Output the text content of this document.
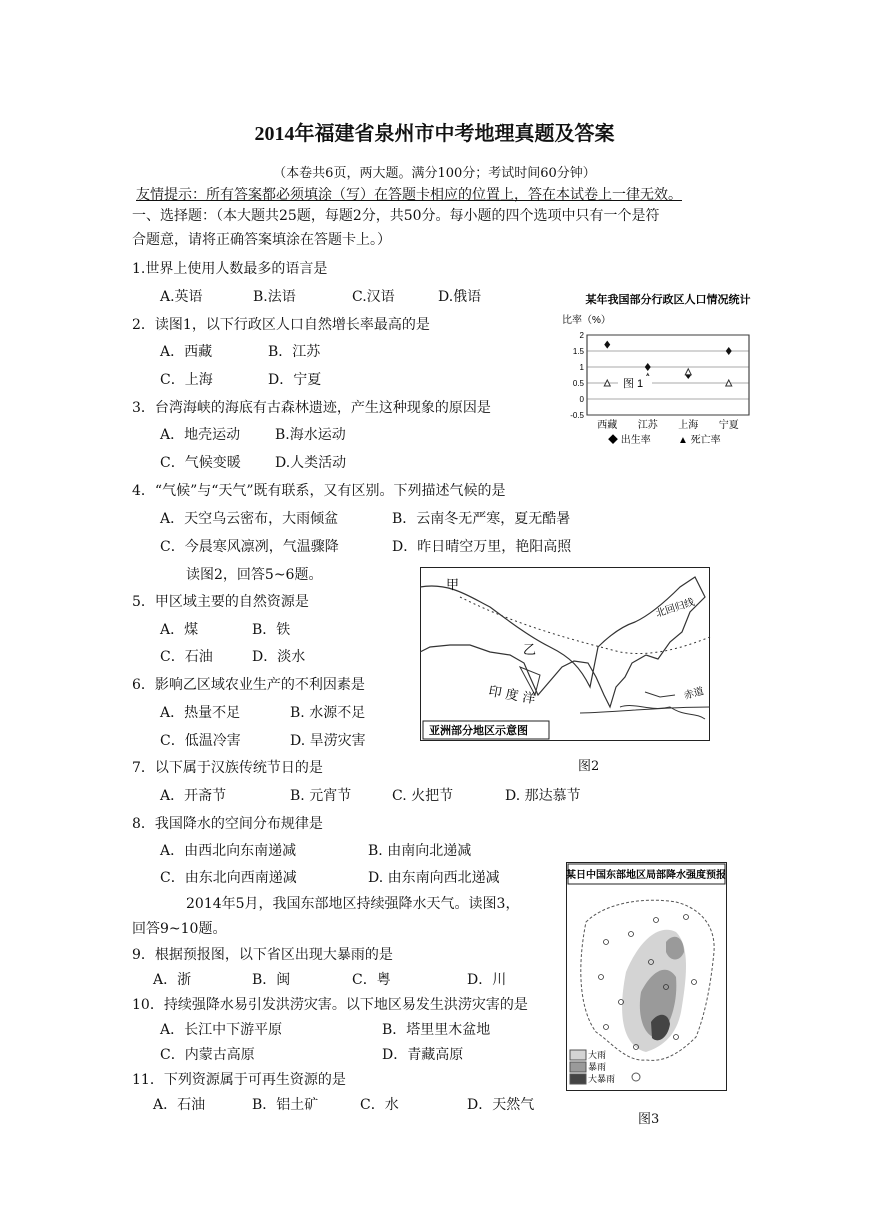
2014年福建省泉州市中考地理真题及答案
（本卷共6页，两大题。满分100分；考试时间60分钟）
友情提示：所有答案都必须填涂（写）在答题卡相应的位置上，答在本试卷上一律无效。
一、选择题：（本大题共25题，每题2分，共50分。每小题的四个选项中只有一个是符
合题意，请将正确答案填涂在答题卡上。）
1.世界上使用人数最多的语言是
A.英语	B.法语	C.汉语	D.俄语
2．读图1，以下行政区人口自然增长率最高的是
A．西藏	B．江苏
C．上海	D．宁夏
3．台湾海峡的海底有古森林遗迹，产生这种现象的原因是
A．地壳运动 B.海水运动
C．气候变暖 D.人类活动
4．“气候”与“天气”既有联系，又有区别。下列描述气候的是
A．天空乌云密布，大雨倾盆	B．云南冬无严寒，夏无酷暑
C．今晨寒风凛冽，气温骤降	D．昨日晴空万里，艳阳高照
读图2，回答5~6题。
5．甲区域主要的自然资源是
A．煤	B．铁
C．石油	D．淡水
6．影响乙区域农业生产的不利因素是
A．热量不足	B. 水源不足
C．低温冷害	D. 旱涝灾害
7．以下属于汉族传统节日的是
A．开斋节	B. 元宵节	C. 火把节	D. 那达慕节
8．我国降水的空间分布规律是
A．由西北向东南递减	B. 由南向北递减
C．由东北向西南递减	D. 由东南向西北递减
2014年5月，我国东部地区持续强降水天气。读图3，
回答9~10题。
9．根据预报图，以下省区出现大暴雨的是
A．浙	B．闽	C．粤	D．川
10．持续强降水易引发洪涝灾害。以下地区易发生洪涝灾害的是
A．长江中下游平原	B．塔里里木盆地
C．内蒙古高原	D．青藏高原
11．下列资源属于可再生资源的是
A．石油	B．铝土矿	C．水	D．天然气
某年我国部分行政区人口情况统计
比率（%）
2
1.5
1
0.5
0
-0.5
西藏 江苏 上海 宁夏
图 1
◆ 出生率	▲ 死亡率
甲
乙
印 度 洋
北回归线
赤道
亚洲部分地区示意图
图2
某日中国东部地区局部降水强度预报
大雨
暴雨
大暴雨
图3
